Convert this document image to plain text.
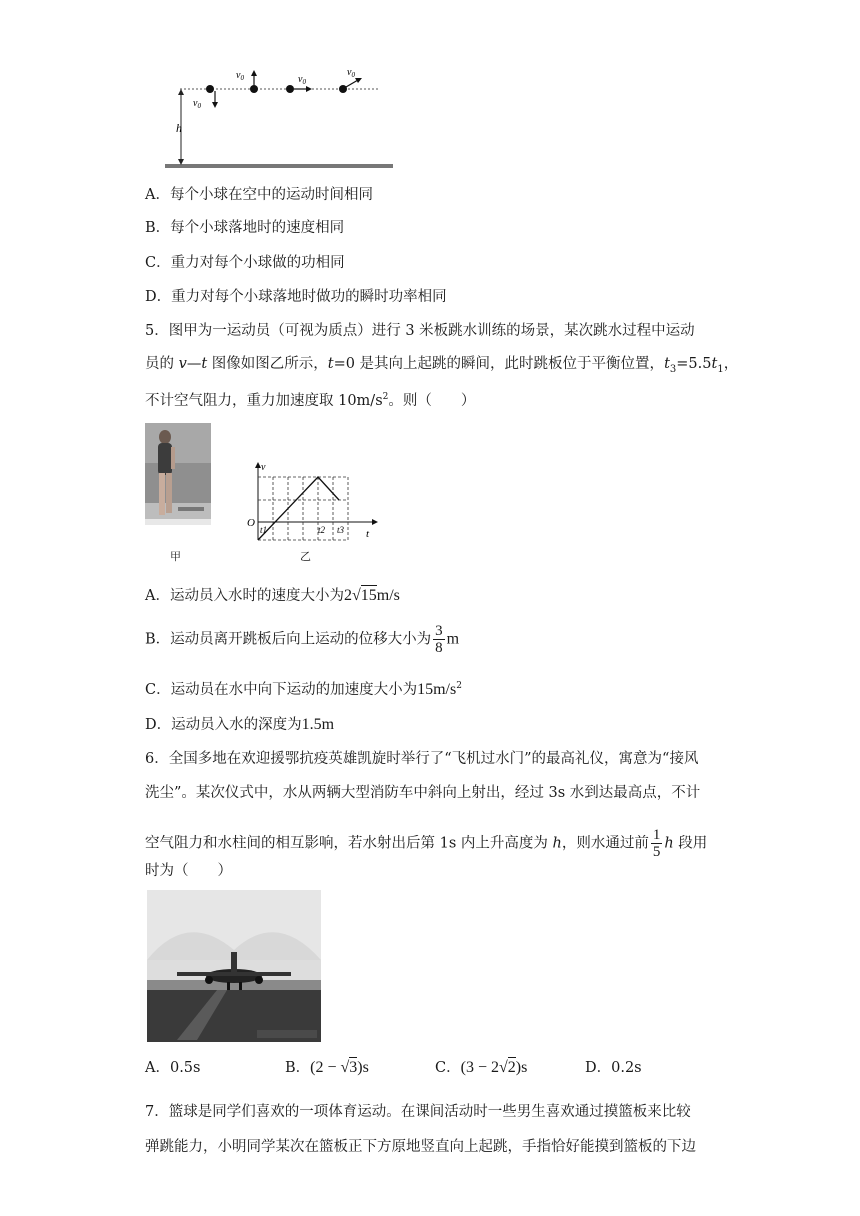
h
$v_0$
$v_0$	$v_0$
$v_0$
A．每个小球在空中的运动时间相同
B．每个小球落地时的速度相同
C．重力对每个小球做的功相同
D．重力对每个小球落地时做功的瞬时功率相同
5．图甲为一运动员（可视为质点）进行 3 米板跳水训练的场景，某次跳水过程中运动
员的 v—t 图像如图乙所示，t=0 是其向上起跳的瞬间，此时跳板位于平衡位置，$t_3=5.5t_1$，
不计空气阻力，重力加速度取 $10m/s^2$。则（　　）
甲
v
O
t
t1	t2 t3
乙
A．运动员入水时的速度大小为2√15m/s
B．运动员离开跳板后向上运动的位移大小为 $\frac{3}{8}$ m
C．运动员在水中向下运动的加速度大小为$15m/s^2$
D．运动员入水的深度为1.5m
6．全国多地在欢迎援鄂抗疫英雄凯旋时举行了“飞机过水门”的最高礼仪，寓意为“接风
洗尘”。某次仪式中，水从两辆大型消防车中斜向上射出，经过 3s 水到达最高点，不计
空气阻力和水柱间的相互影响，若水射出后第 1s 内上升高度为 h，则水通过前 $\frac{1}{5}$ h 段用
时为（　　）
A．0.5s	B．(2 − √3)s	C．(3 − 2√2)s	D．0.2s
7．篮球是同学们喜欢的一项体育运动。在课间活动时一些男生喜欢通过摸篮板来比较
弹跳能力，小明同学某次在篮板正下方原地竖直向上起跳，手指恰好能摸到篮板的下边
